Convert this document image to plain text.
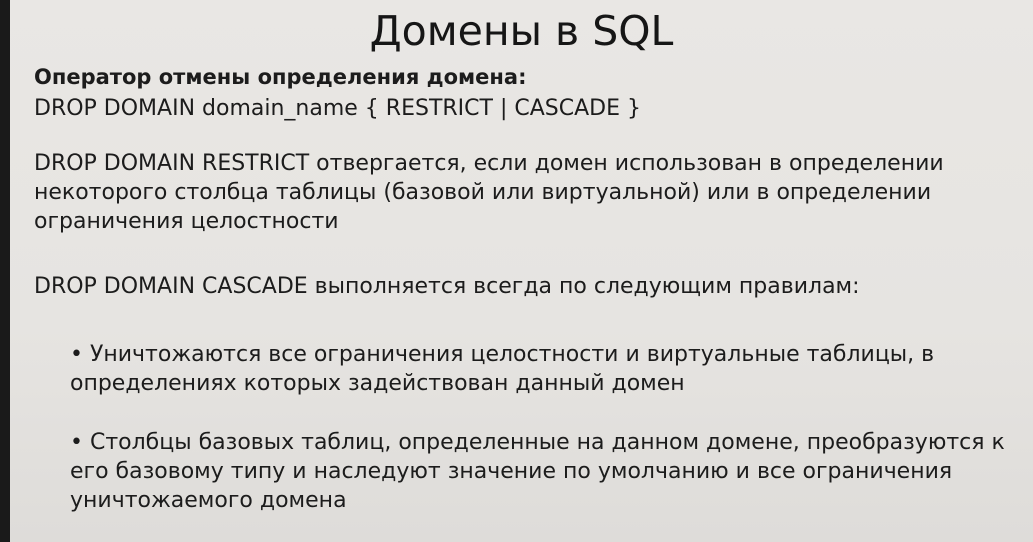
Домены в SQL
Оператор отмены определения домена:
DROP DOMAIN domain_name { RESTRICT | CASCADE }
DROP DOMAIN RESTRICT отвергается, если домен использован в определении некоторого столбца таблицы (базовой или виртуальной) или в определении ограничения целостности
DROP DOMAIN CASCADE выполняется всегда по следующим правилам:
• Уничтожаются все ограничения целостности и виртуальные таблицы, в определениях которых задействован данный домен
• Столбцы базовых таблиц, определенные на данном домене, преобразуются к его базовому типу и наследуют значение по умолчанию и все ограничения уничтожаемого домена
